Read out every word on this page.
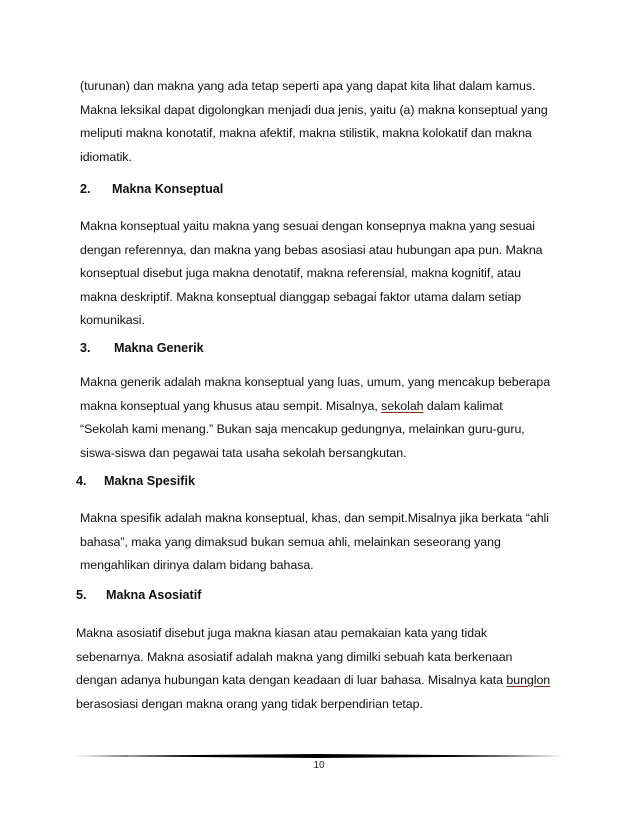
(turunan) dan makna yang ada tetap seperti apa yang dapat kita lihat dalam kamus.
Makna leksikal dapat digolongkan menjadi dua jenis, yaitu (a) makna konseptual yang
meliputi makna konotatif, makna afektif, makna stilistik, makna kolokatif dan makna
idiomatik.
2. Makna Konseptual
Makna konseptual yaitu makna yang sesuai dengan konsepnya makna yang sesuai
dengan referennya, dan makna yang bebas asosiasi atau hubungan apa pun. Makna
konseptual disebut juga makna denotatif, makna referensial, makna kognitif, atau
makna deskriptif. Makna konseptual dianggap sebagai faktor utama dalam setiap
komunikasi.
3. Makna Generik
Makna generik adalah makna konseptual yang luas, umum, yang mencakup beberapa
makna konseptual yang khusus atau sempit. Misalnya, sekolah dalam kalimat
“Sekolah kami menang.” Bukan saja mencakup gedungnya, melainkan guru-guru,
siswa-siswa dan pegawai tata usaha sekolah bersangkutan.
4. Makna Spesifik
Makna spesifik adalah makna konseptual, khas, dan sempit.Misalnya jika berkata “ahli
bahasa”, maka yang dimaksud bukan semua ahli, melainkan seseorang yang
mengahlikan dirinya dalam bidang bahasa.
5. Makna Asosiatif
Makna asosiatif disebut juga makna kiasan atau pemakaian kata yang tidak
sebenarnya. Makna asosiatif adalah makna yang dimilki sebuah kata berkenaan
dengan adanya hubungan kata dengan keadaan di luar bahasa. Misalnya kata bunglon
berasosiasi dengan makna orang yang tidak berpendirian tetap.
10
